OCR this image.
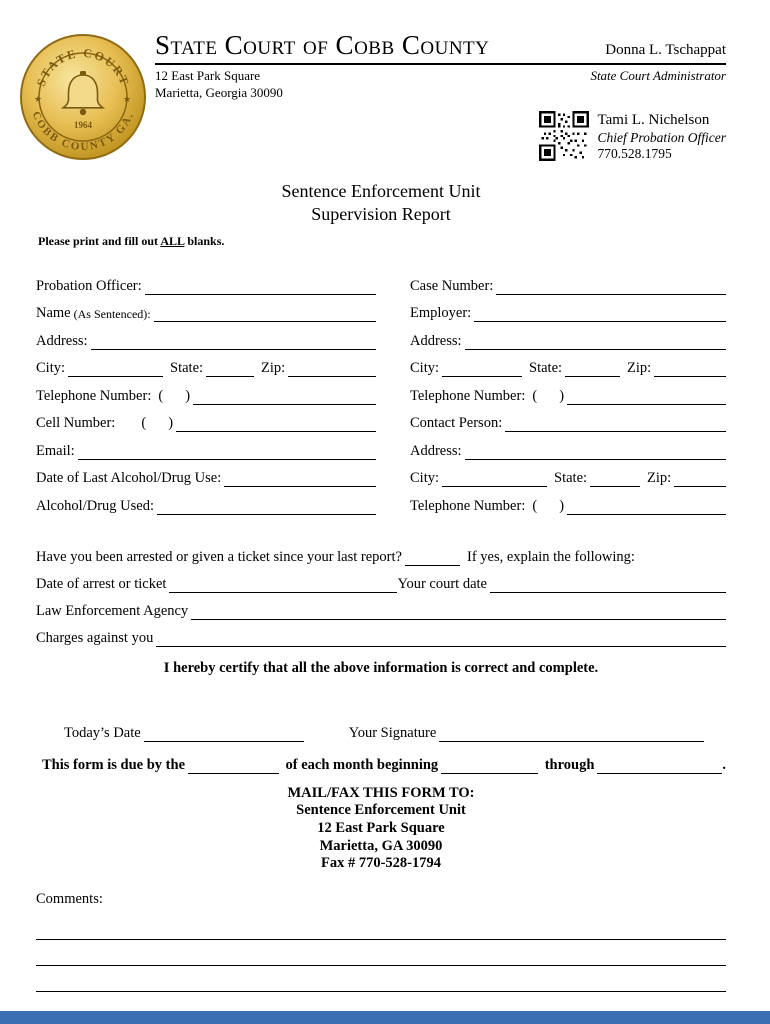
STATE COURT
COBB COUNTY GA.
★	★
1964
State Court of Cobb County	Donna L. Tschappat
12 East Park Square
Marietta, Georgia 30090
State Court Administrator
Tami L. Nichelson
Chief Probation Officer
770.528.1795
Sentence Enforcement Unit
Supervision Report
Please print and fill out ALL blanks.
Probation Officer:
Name (As Sentenced):
Address:
City:	State:	Zip:
Telephone Number: ( )
Cell Number: ( )
Email:
Date of Last Alcohol/Drug Use:
Alcohol/Drug Used:
Case Number:
Employer:
Address:
City:	State:	Zip:
Telephone Number: ( )
Contact Person:
Address:
City:	State:	Zip:
Telephone Number: ( )
Have you been arrested or given a ticket since your last report?	If yes, explain the following:
Date of arrest or ticket	Your court date
Law Enforcement Agency
Charges against you
I hereby certify that all the above information is correct and complete.
Today’s Date	Your Signature
This form is due by the	of each month beginning	through	.
MAIL/FAX THIS FORM TO:
Sentence Enforcement Unit
12 East Park Square
Marietta, GA 30090
Fax # 770-528-1794
Comments:
